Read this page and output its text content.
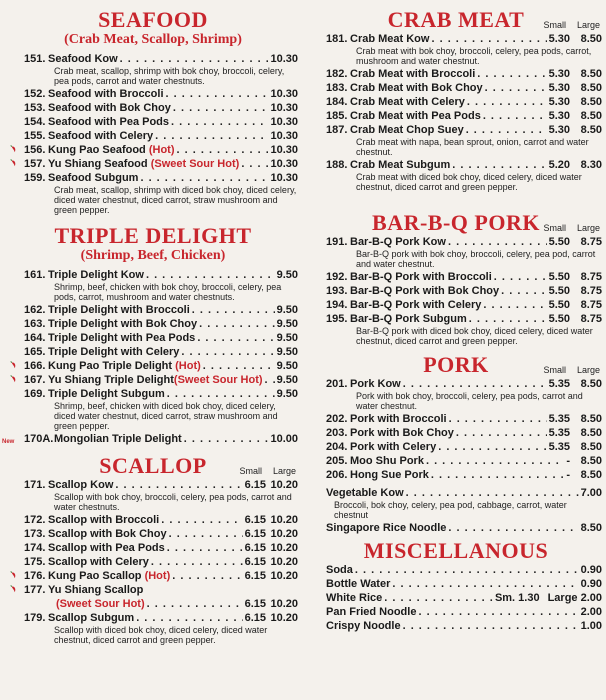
SEAFOOD
(Crab Meat, Scallop, Shrimp)
151. Seafood Kow . . .	10.30
Crab meat, scallop, shrimp with bok choy, broccoli, celery, pea pods, carrot and water chestnuts.
152. Seafood with Broccoli . . .	10.30
153. Seafood with Bok Choy . . .	10.30
154. Seafood with Pea Pods . . .	10.30
155. Seafood with Celery . . .	10.30
156. Kung Pao Seafood (Hot) . . .	10.30
157. Yu Shiang Seafood (Sweet Sour Hot) . . .	10.30
159. Seafood Subgum . . .	10.30
Crab meat, scallop, shrimp with diced bok choy, diced celery, diced water chestnut, diced carrot, straw mushroom and green pepper.
TRIPLE DELIGHT
(Shrimp, Beef, Chicken)
161. Triple Delight Kow . . .	9.50
Shrimp, beef, chicken with bok choy, broccoli, celery, pea pods, carrot, mushroom and water chestnuts.
162. Triple Delight with Broccoli . . .	9.50
163. Triple Delight with Bok Choy . . .	9.50
164. Triple Delight with Pea Pods . . .	9.50
165. Triple Delight with Celery . . .	9.50
166. Kung Pao Triple Delight (Hot) . . .	9.50
167. Yu Shiang Triple Delight(Sweet Sour Hot) . . . 9.50
169. Triple Delight Subgum . . .	9.50
Shrimp, beef, chicken with diced bok choy, diced celery, diced water chestnut, diced carrot, straw mushroom and green pepper.
New 170A. Mongolian Triple Delight . . .	10.00
SCALLOP	Small Large
171. Scallop Kow . . .	6.15 10.20
Scallop with bok choy, broccoli, celery, pea pods, carrot and water chestnuts.
172. Scallop with Broccoli . . .	6.15 10.20
173. Scallop with Bok Choy . . .	6.15 10.20
174. Scallop with Pea Pods . . .	6.15 10.20
175. Scallop with Celery . . .	6.15 10.20
176. Kung Pao Scallop (Hot) . . .	6.15 10.20
177. Yu Shiang Scallop
(Sweet Sour Hot) . . .	6.15 10.20
179. Scallop Subgum . . .	6.15 10.20
Scallop with diced bok choy, diced celery, diced water chestnut, diced carrot and green pepper.
CRAB MEAT	Small Large
181. Crab Meat Kow . . .	5.30 8.50
Crab meat with bok choy, broccoli, celery, pea pods, carrot, mushroom and water chestnut.
182. Crab Meat with Broccoli . . .	5.30 8.50
183. Crab Meat with Bok Choy . . .	5.30 8.50
184. Crab Meat with Celery . . .	5.30 8.50
185. Crab Meat with Pea Pods . . .	5.30 8.50
187. Crab Meat Chop Suey . . .	5.30 8.50
Crab meat with napa, bean sprout, onion, carrot and water chestnut.
188. Crab Meat Subgum . . .	5.20 8.30
Crab meat with diced bok choy, diced celery, diced water chestnut, diced carrot and green pepper.
BAR-B-Q PORK Small Large
191. Bar-B-Q Pork Kow . . .	5.50 8.75
Bar-B-Q pork with bok choy, broccoli, celery, pea pod, carrot and water chestnut.
192. Bar-B-Q Pork with Broccoli . . .	5.50 8.75
193. Bar-B-Q Pork with Bok Choy . . .	5.50 8.75
194. Bar-B-Q Pork with Celery . . .	5.50 8.75
195. Bar-B-Q Pork Subgum . . .	5.50 8.75
Bar-B-Q pork with diced bok choy, diced celery, diced water chestnut, diced carrot and green pepper.
PORK	Small Large
201. Pork Kow . . .	5.35 8.50
Pork with bok choy, broccoli, celery, pea pods, carrot and water chestnut.
202. Pork with Broccoli . . .	5.35 8.50
203. Pork with Bok Choy . . .	5.35 8.50
204. Pork with Celery . . .	5.35 8.50
205. Moo Shu Pork . . .	- 8.50
206. Hong Sue Pork . . .	- 8.50
Vegetable Kow . . .	7.00
Broccoli, bok choy, celery, pea pod, cabbage, carrot, water chestnut
Singapore Rice Noodle . . .	8.50
MISCELLANOUS
Soda . . .	0.90
Bottle Water . . .	0.90
White Rice . . .	Sm. 1.30 Large 2.00
Pan Fried Noodle . . .	2.00
Crispy Noodle . . .	1.00
